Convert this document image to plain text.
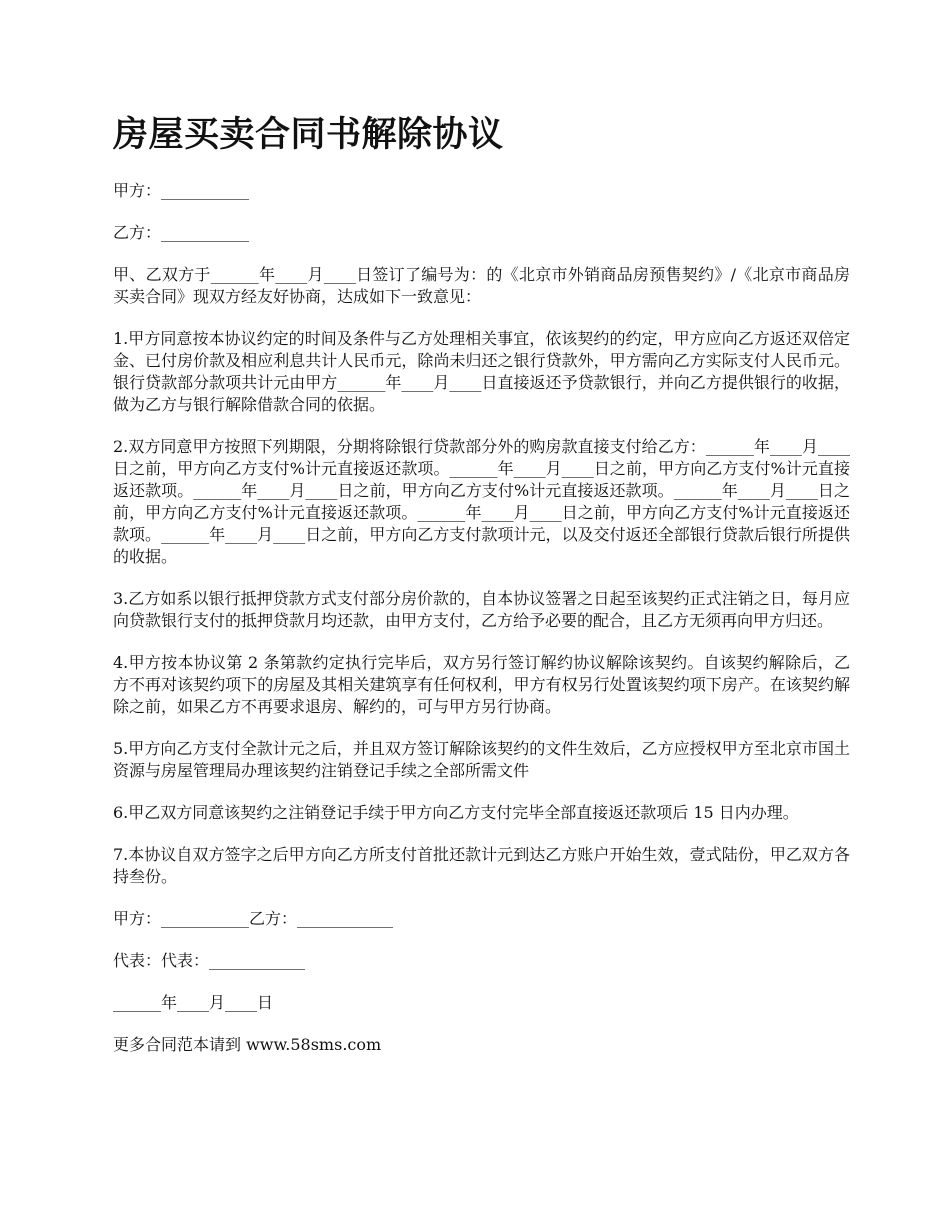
房屋买卖合同书解除协议

甲方：___________

乙方：___________

甲、乙双方于______年____月____日签订了编号为：的《北京市外销商品房预售契约》/《北京市商品房买卖合同》现双方经友好协商，达成如下一致意见：

1.甲方同意按本协议约定的时间及条件与乙方处理相关事宜，依该契约的约定，甲方应向乙方返还双倍定金、已付房价款及相应利息共计人民币元，除尚未归还之银行贷款外，甲方需向乙方实际支付人民币元。银行贷款部分款项共计元由甲方______年____月____日直接返还予贷款银行，并向乙方提供银行的收据，做为乙方与银行解除借款合同的依据。

2.双方同意甲方按照下列期限，分期将除银行贷款部分外的购房款直接支付给乙方：______年____月____日之前，甲方向乙方支付%计元直接返还款项。______年____月____日之前，甲方向乙方支付%计元直接返还款项。______年____月____日之前，甲方向乙方支付%计元直接返还款项。______年____月____日之前，甲方向乙方支付%计元直接返还款项。______年____月____日之前，甲方向乙方支付%计元直接返还款项。______年____月____日之前，甲方向乙方支付款项计元，以及交付返还全部银行贷款后银行所提供的收据。

3.乙方如系以银行抵押贷款方式支付部分房价款的，自本协议签署之日起至该契约正式注销之日，每月应向贷款银行支付的抵押贷款月均还款，由甲方支付，乙方给予必要的配合，且乙方无须再向甲方归还。

4.甲方按本协议第 2 条第款约定执行完毕后，双方另行签订解约协议解除该契约。自该契约解除后，乙方不再对该契约项下的房屋及其相关建筑享有任何权利，甲方有权另行处置该契约项下房产。在该契约解除之前，如果乙方不再要求退房、解约的，可与甲方另行协商。

5.甲方向乙方支付全款计元之后，并且双方签订解除该契约的文件生效后，乙方应授权甲方至北京市国土资源与房屋管理局办理该契约注销登记手续之全部所需文件

6.甲乙双方同意该契约之注销登记手续于甲方向乙方支付完毕全部直接返还款项后 15 日内办理。

7.本协议自双方签字之后甲方向乙方所支付首批还款计元到达乙方账户开始生效，壹式陆份，甲乙双方各持叁份。

甲方：___________乙方：____________

代表：代表：____________

______年____月____日

更多合同范本请到 www.58sms.com
